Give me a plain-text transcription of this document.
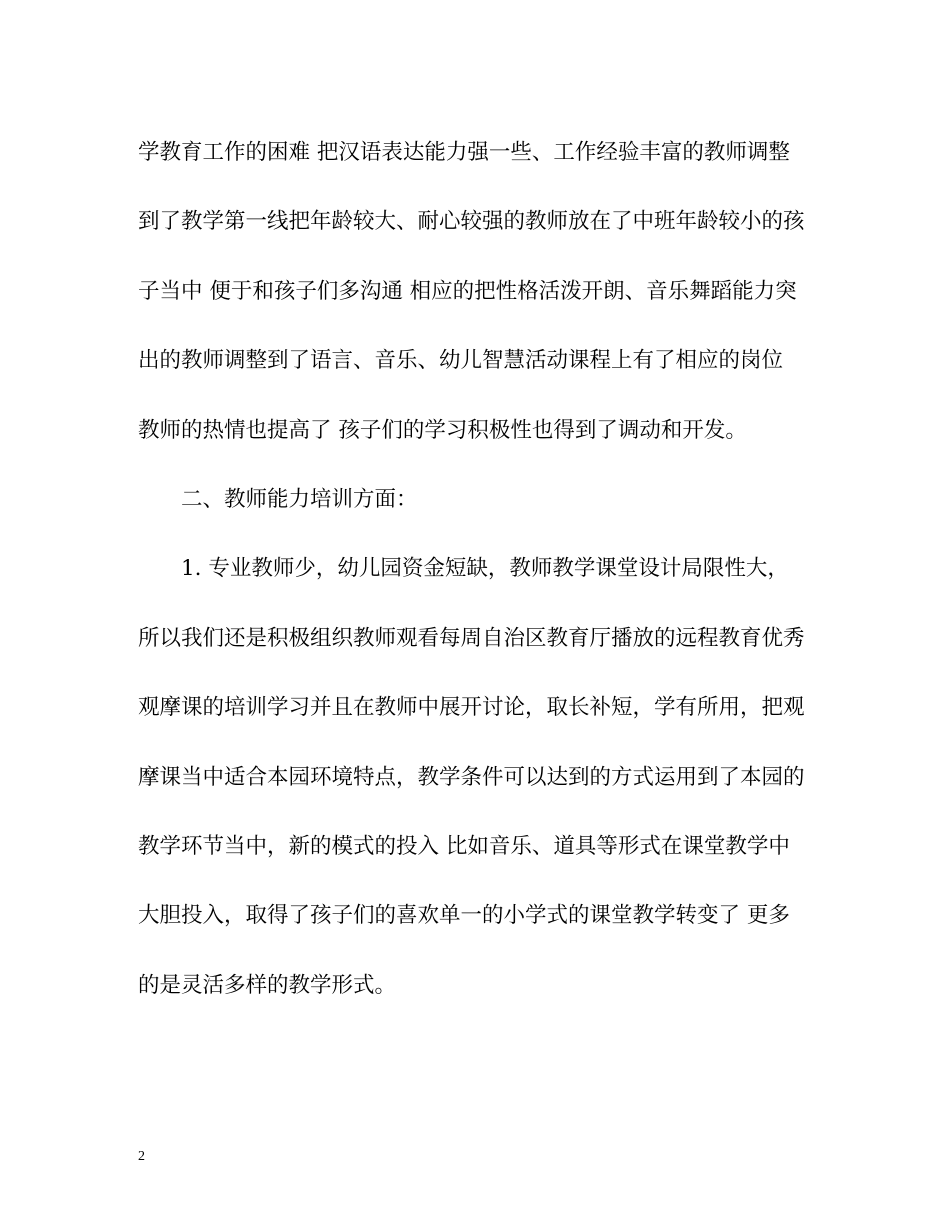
学教育工作的困难 把汉语表达能力强一些、工作经验丰富的教师调整
到了教学第一线把年龄较大、耐心较强的教师放在了中班年龄较小的孩
子当中 便于和孩子们多沟通 相应的把性格活泼开朗、音乐舞蹈能力突
出的教师调整到了语言、音乐、幼儿智慧活动课程上有了相应的岗位
教师的热情也提高了 孩子们的学习积极性也得到了调动和开发。
二、教师能力培训方面：
1. 专业教师少，幼儿园资金短缺，教师教学课堂设计局限性大，
所以我们还是积极组织教师观看每周自治区教育厅播放的远程教育优秀
观摩课的培训学习并且在教师中展开讨论，取长补短，学有所用，把观
摩课当中适合本园环境特点，教学条件可以达到的方式运用到了本园的
教学环节当中，新的模式的投入 比如音乐、道具等形式在课堂教学中
大胆投入，取得了孩子们的喜欢单一的小学式的课堂教学转变了 更多
的是灵活多样的教学形式。
2
